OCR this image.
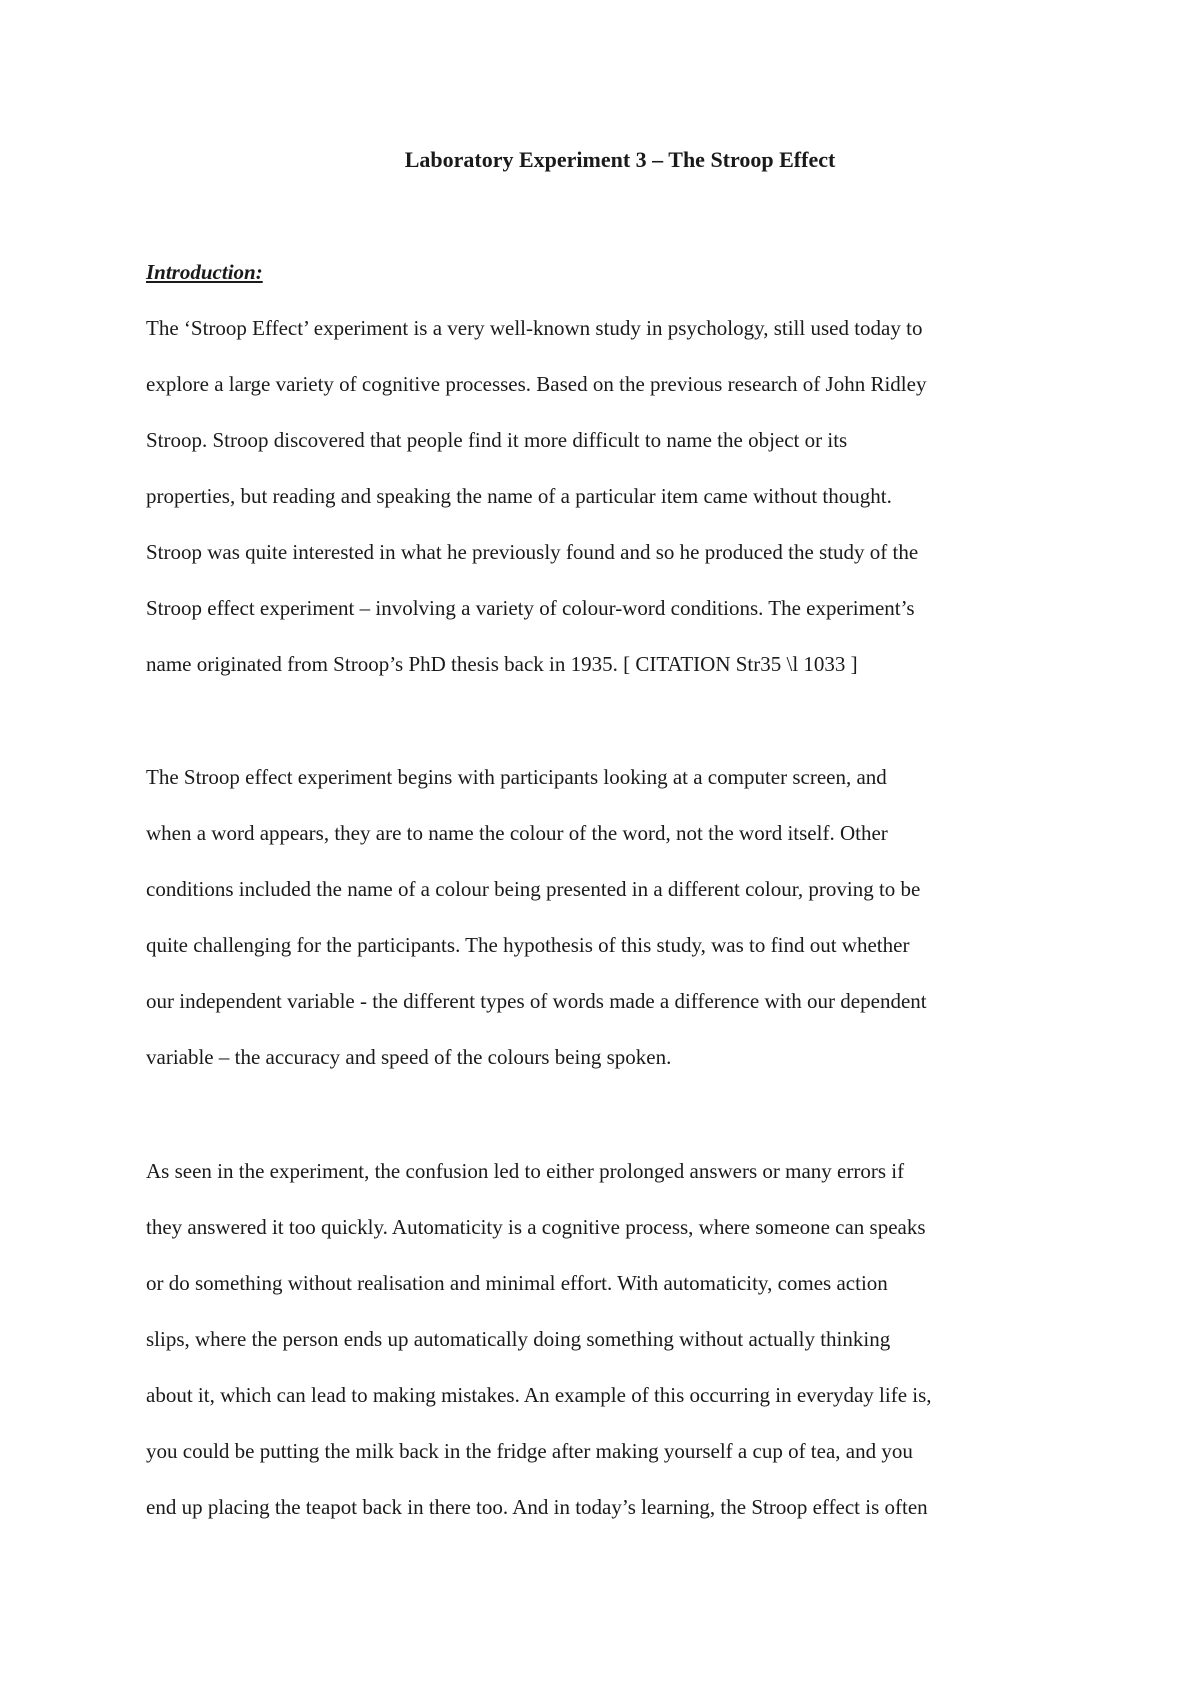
Laboratory Experiment 3 – The Stroop Effect
Introduction:
The ‘Stroop Effect’ experiment is a very well-known study in psychology, still used today to
explore a large variety of cognitive processes. Based on the previous research of John Ridley
Stroop. Stroop discovered that people find it more difficult to name the object or its
properties, but reading and speaking the name of a particular item came without thought.
Stroop was quite interested in what he previously found and so he produced the study of the
Stroop effect experiment – involving a variety of colour-word conditions. The experiment’s
name originated from Stroop’s PhD thesis back in 1935. [ CITATION Str35 \l 1033 ]
The Stroop effect experiment begins with participants looking at a computer screen, and
when a word appears, they are to name the colour of the word, not the word itself. Other
conditions included the name of a colour being presented in a different colour, proving to be
quite challenging for the participants. The hypothesis of this study, was to find out whether
our independent variable - the different types of words made a difference with our dependent
variable – the accuracy and speed of the colours being spoken.
As seen in the experiment, the confusion led to either prolonged answers or many errors if
they answered it too quickly. Automaticity is a cognitive process, where someone can speaks
or do something without realisation and minimal effort. With automaticity, comes action
slips, where the person ends up automatically doing something without actually thinking
about it, which can lead to making mistakes. An example of this occurring in everyday life is,
you could be putting the milk back in the fridge after making yourself a cup of tea, and you
end up placing the teapot back in there too. And in today’s learning, the Stroop effect is often
